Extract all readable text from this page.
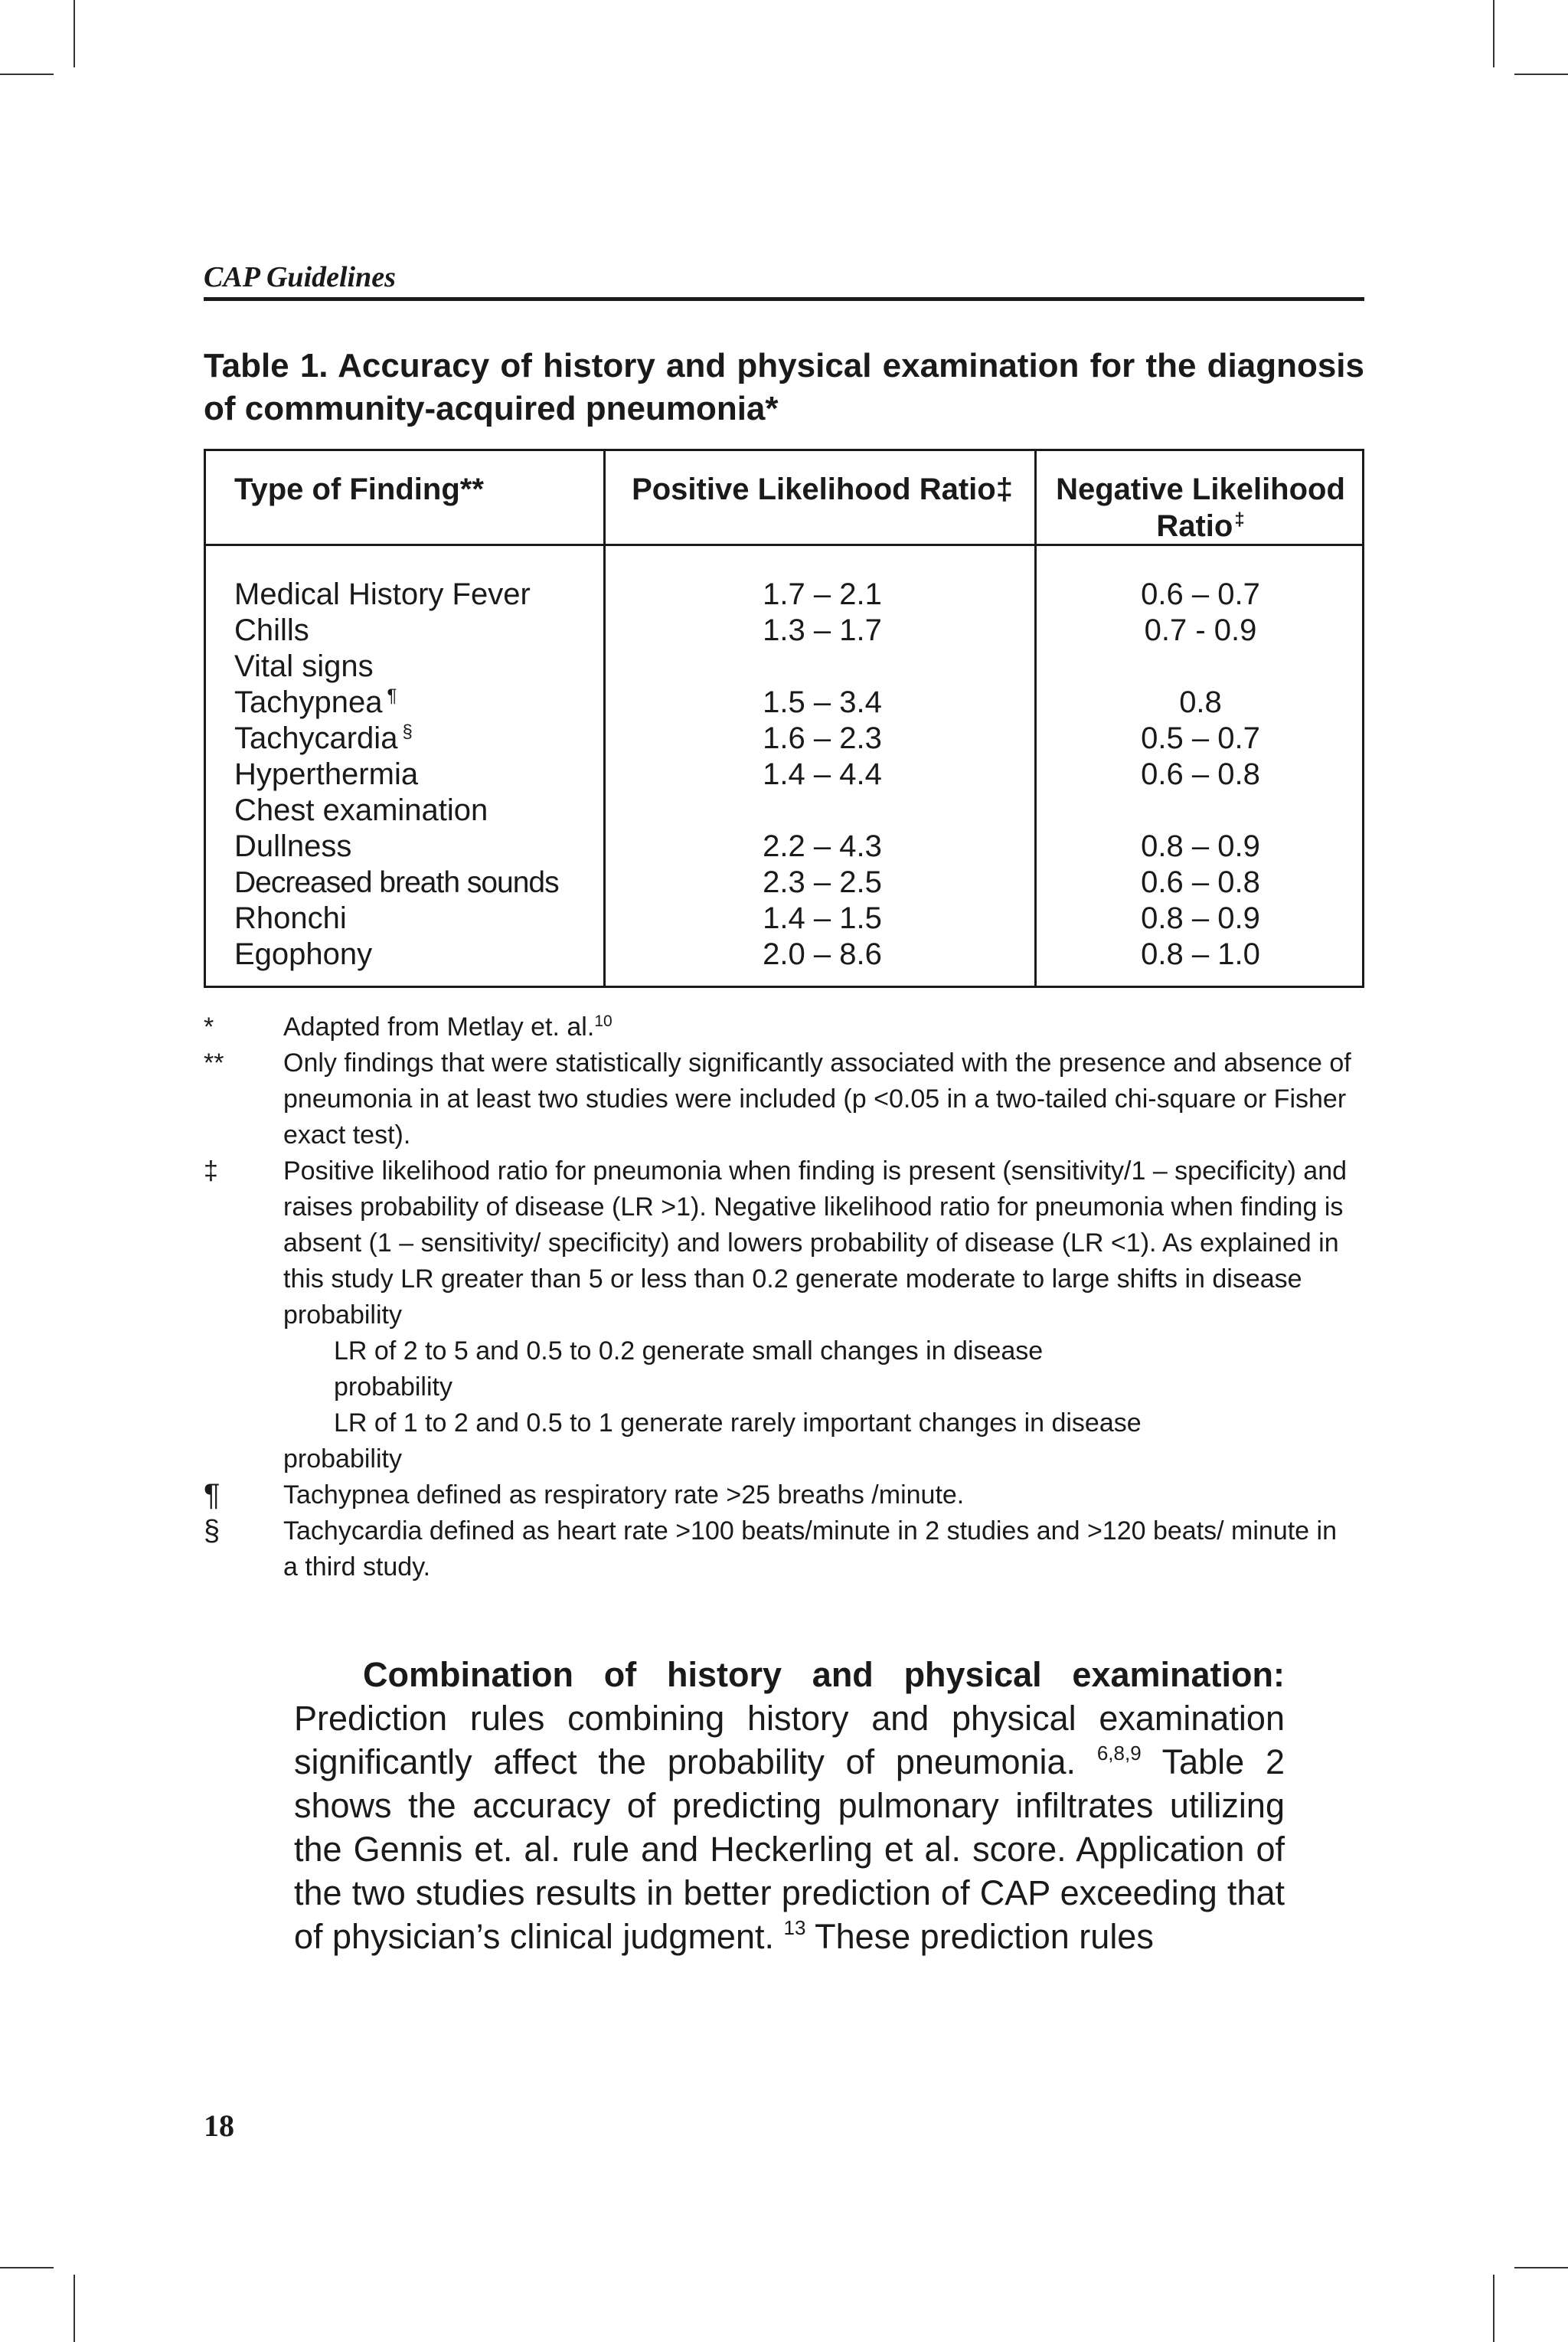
CAP Guidelines
Table 1. Accuracy of history and physical examination for the diagnosis of community-acquired pneumonia*
Type of Finding**	Positive Likelihood Ratio‡	Negative Likelihood
Ratio‡
Medical History Fever	1.7 – 2.1	0.6 – 0.7
Chills	1.3 – 1.7	0.7 - 0.9
Vital signs
Tachypnea ¶	1.5 – 3.4	0.8
Tachycardia §	1.6 – 2.3	0.5 – 0.7
Hyperthermia	1.4 – 4.4	0.6 – 0.8
Chest examination
Dullness	2.2 – 4.3	0.8 – 0.9
Decreased breath sounds	2.3 – 2.5	0.6 – 0.8
Rhonchi	1.4 – 1.5	0.8 – 0.9
Egophony	2.0 – 8.6	0.8 – 1.0
*	Adapted from Metlay et. al.$^{10}$
**	Only findings that were statistically significantly associated with the presence and absence of pneumonia in at least two studies were included (p <0.05 in a two-tailed chi-square or Fisher exact test).
‡	Positive likelihood ratio for pneumonia when finding is present (sensitivity/1 – specificity) and raises probability of disease (LR >1). Negative likelihood ratio for pneumonia when finding is absent (1 – sensitivity/ specificity) and lowers probability of disease (LR <1). As explained in this study LR greater than 5 or less than 0.2 generate moderate to large shifts in disease probability
LR of 2 to 5 and 0.5 to 0.2 generate small changes in disease probability
LR of 1 to 2 and 0.5 to 1 generate rarely important changes in disease
probability
¶	Tachypnea defined as respiratory rate >25 breaths /minute.
§	Tachycardia defined as heart rate >100 beats/minute in 2 studies and >120 beats/ minute in a third study.
Combination of history and physical examination: Prediction rules combining history and physical examination significantly affect the probability of pneumonia. $^{6,8,9}$ Table 2 shows the accuracy of predicting pulmonary infiltrates utilizing the Gennis et. al. rule and Heckerling et al. score. Application of the two studies results in better prediction of CAP exceeding that of physician’s clinical judgment. $^{13}$ These prediction rules
18
